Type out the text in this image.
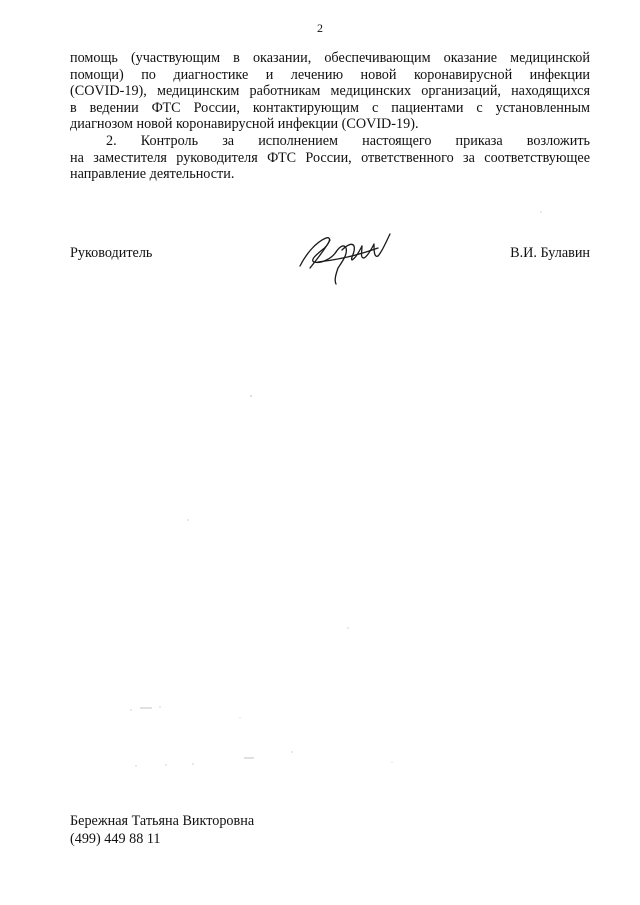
2
помощь (участвующим в оказании, обеспечивающим оказание медицинской
помощи) по диагностике и лечению новой коронавирусной инфекции
(COVID-19), медицинским работникам медицинских организаций, находящихся
в ведении ФТС России, контактирующим с пациентами с установленным
диагнозом новой коронавирусной инфекции (COVID-19).
2. Контроль за исполнением настоящего приказа возложить
на заместителя руководителя ФТС России, ответственного за соответствующее
направление деятельности.
Руководитель	В.И. Булавин
Бережная Татьяна Викторовна
(499) 449 88 11
